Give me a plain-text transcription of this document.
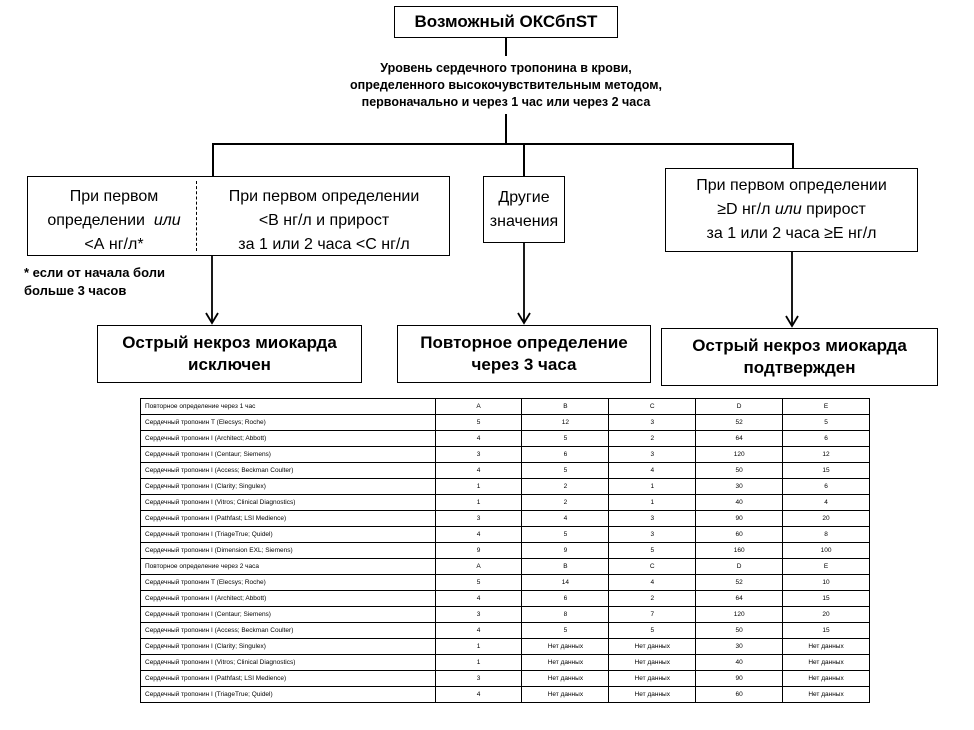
Возможный ОКСбпST
Уровень сердечного тропонина в крови,
определенного высокочувствительным методом,
первоначально и через 1 час или через 2 часа
При первом
определении или
<А нг/л*
При первом определении
<В нг/л и прирост
за 1 или 2 часа <С нг/л
Другие
значения
При первом определении
≥D нг/л или прирост
за 1 или 2 часа ≥E нг/л
* если от начала боли
больше 3 часов
Острый некроз миокарда
исключен
Повторное определение
через 3 часа
Острый некроз миокарда
подтвержден
Повторное определение через 1 час	A	B	C	D	E
Сердечный тропонин T (Elecsys; Roche)	5	12	3	52	5
Сердечный тропонин I (Architect; Abbott)	4	5	2	64	6
Сердечный тропонин I (Centaur; Siemens)	3	6	3	120	12
Сердечный тропонин I (Access; Beckman Coulter)	4	5	4	50	15
Сердечный тропонин I (Clarity; Singulex)	1	2	1	30	6
Сердечный тропонин I (Vitros; Clinical Diagnostics)	1	2	1	40	4
Сердечный тропонин I (Pathfast; LSI Medience)	3	4	3	90	20
Сердечный тропонин I (TriageTrue; Quidel)	4	5	3	60	8
Сердечный тропонин I (Dimension EXL; Siemens)	9	9	5	160	100
Повторное определение через 2 часа	A	B	C	D	E
Сердечный тропонин T (Elecsys; Roche)	5	14	4	52	10
Сердечный тропонин I (Architect; Abbott)	4	6	2	64	15
Сердечный тропонин I (Centaur; Siemens)	3	8	7	120	20
Сердечный тропонин I (Access; Beckman Coulter)	4	5	5	50	15
Сердечный тропонин I (Clarity; Singulex)	1	Нет данных	Нет данных	30	Нет данных
Сердечный тропонин I (Vitros; Clinical Diagnostics)	1	Нет данных	Нет данных	40	Нет данных
Сердечный тропонин I (Pathfast; LSI Medience)	3	Нет данных	Нет данных	90	Нет данных
Сердечный тропонин I (TriageTrue; Quidel)	4	Нет данных	Нет данных	60	Нет данных
